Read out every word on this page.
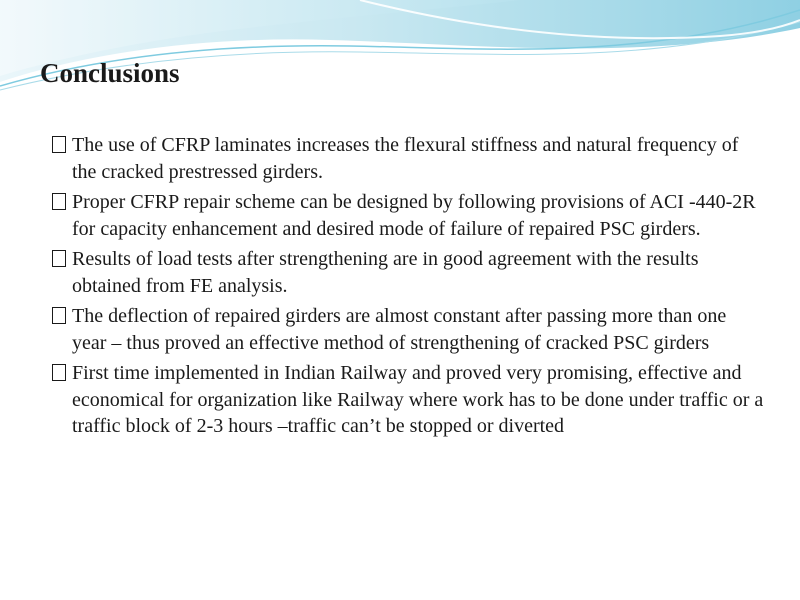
Conclusions
The use of CFRP laminates increases the flexural stiffness and natural frequency of the cracked prestressed girders.
Proper CFRP repair scheme can be designed by following provisions of ACI -440-2R for capacity enhancement and desired mode of failure of repaired PSC girders.
Results of load tests after strengthening are in good agreement with the results obtained from FE analysis.
The deflection of repaired girders are almost constant after passing more than one year – thus proved an effective method of strengthening of cracked PSC girders
First time implemented in Indian Railway and proved very promising, effective and economical for organization like Railway where work has to be done under traffic or a traffic block of 2-3 hours –traffic can’t be stopped or diverted
